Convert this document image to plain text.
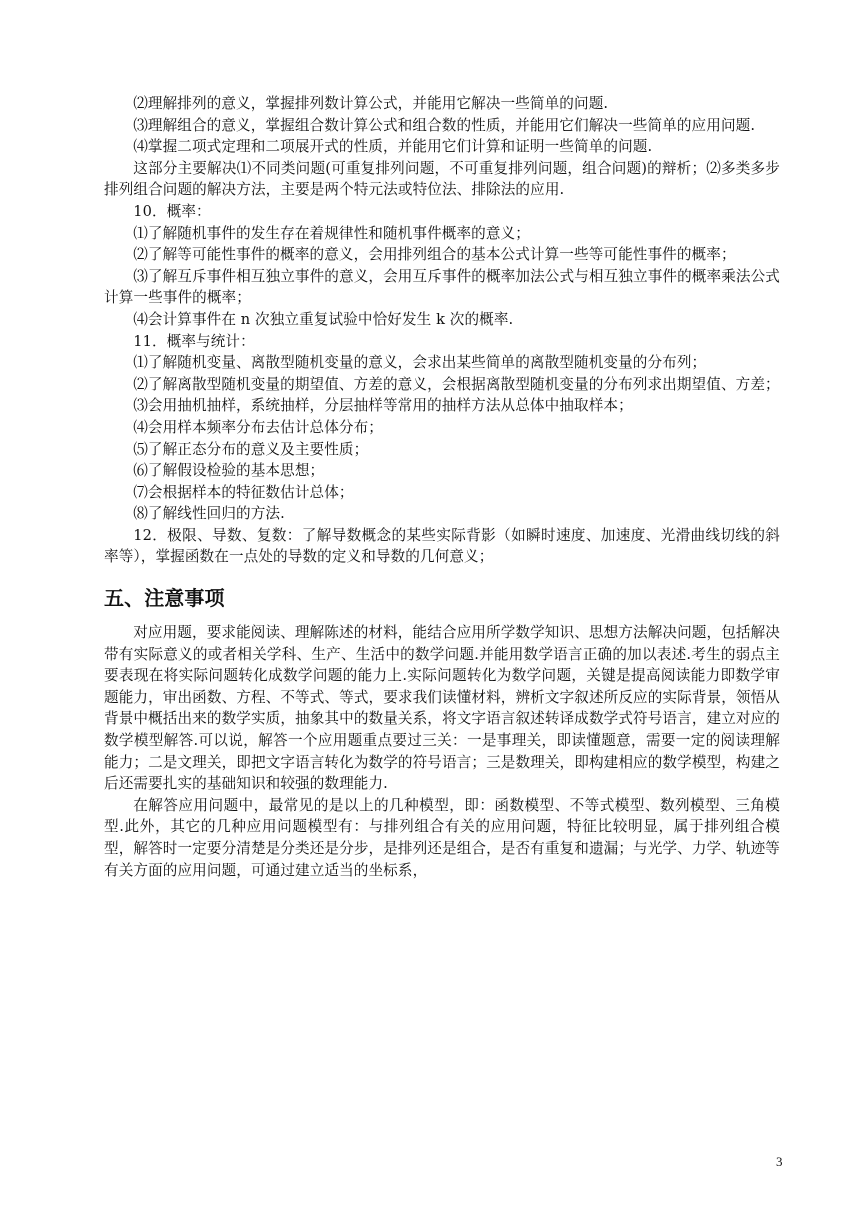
⑵理解排列的意义，掌握排列数计算公式，并能用它解决一些简单的问题.

⑶理解组合的意义，掌握组合数计算公式和组合数的性质，并能用它们解决一些简单的应用问题.

⑷掌握二项式定理和二项展开式的性质，并能用它们计算和证明一些简单的问题.

这部分主要解决⑴不同类问题(可重复排列问题，不可重复排列问题，组合问题)的辩析；⑵多类多步排列组合问题的解决方法，主要是两个特元法或特位法、排除法的应用.

10．概率：

⑴了解随机事件的发生存在着规律性和随机事件概率的意义；

⑵了解等可能性事件的概率的意义，会用排列组合的基本公式计算一些等可能性事件的概率；

⑶了解互斥事件相互独立事件的意义，会用互斥事件的概率加法公式与相互独立事件的概率乘法公式计算一些事件的概率；

⑷会计算事件在 n 次独立重复试验中恰好发生 k 次的概率.

11．概率与统计：

⑴了解随机变量、离散型随机变量的意义，会求出某些简单的离散型随机变量的分布列；

⑵了解离散型随机变量的期望值、方差的意义，会根据离散型随机变量的分布列求出期望值、方差；

⑶会用抽机抽样，系统抽样，分层抽样等常用的抽样方法从总体中抽取样本；

⑷会用样本频率分布去估计总体分布；

⑸了解正态分布的意义及主要性质；

⑹了解假设检验的基本思想；

⑺会根据样本的特征数估计总体；

⑻了解线性回归的方法.

12．极限、导数、复数：了解导数概念的某些实际背影（如瞬时速度、加速度、光滑曲线切线的斜率等），掌握函数在一点处的导数的定义和导数的几何意义；

五、注意事项

对应用题，要求能阅读、理解陈述的材料，能结合应用所学数学知识、思想方法解决问题，包括解决带有实际意义的或者相关学科、生产、生活中的数学问题.并能用数学语言正确的加以表述.考生的弱点主要表现在将实际问题转化成数学问题的能力上.实际问题转化为数学问题，关键是提高阅读能力即数学审题能力，审出函数、方程、不等式、等式，要求我们读懂材料，辨析文字叙述所反应的实际背景，领悟从背景中概括出来的数学实质，抽象其中的数量关系，将文字语言叙述转译成数学式符号语言，建立对应的数学模型解答.可以说，解答一个应用题重点要过三关：一是事理关，即读懂题意，需要一定的阅读理解能力；二是文理关，即把文字语言转化为数学的符号语言；三是数理关，即构建相应的数学模型，构建之后还需要扎实的基础知识和较强的数理能力.

在解答应用问题中，最常见的是以上的几种模型，即：函数模型、不等式模型、数列模型、三角模型.此外，其它的几种应用问题模型有：与排列组合有关的应用问题，特征比较明显，属于排列组合模型，解答时一定要分清楚是分类还是分步，是排列还是组合，是否有重复和遗漏；与光学、力学、轨迹等有关方面的应用问题，可通过建立适当的坐标系，

3
